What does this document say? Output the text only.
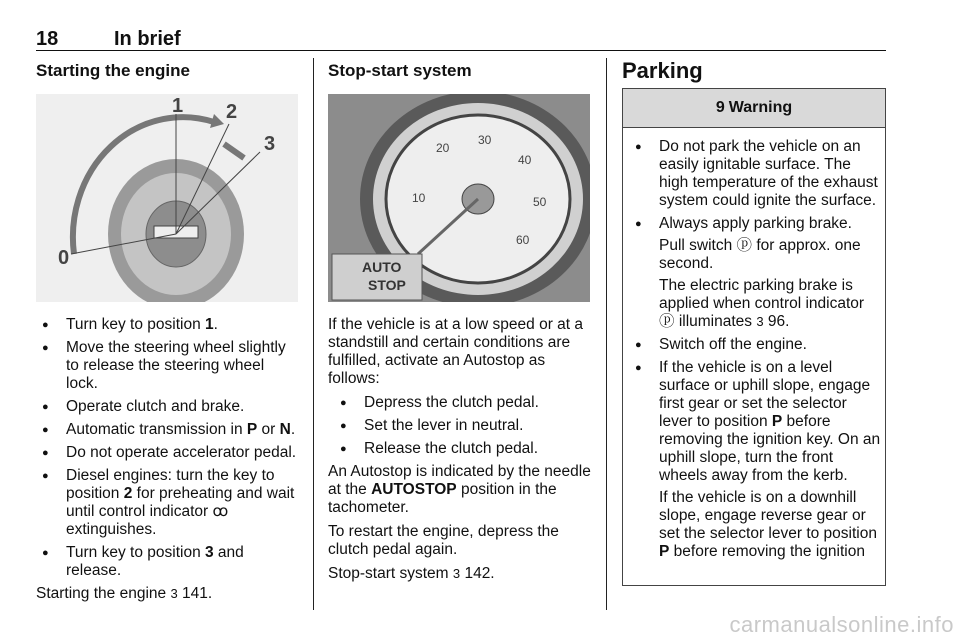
18	In brief
Starting the engine
1 2
3
0
● Turn key to position 1.
● Move the steering wheel slightly to release the steering wheel lock.
● Operate clutch and brake.
● Automatic transmission in P or N.
● Do not operate accelerator pedal.
● Diesel engines: turn the key to position 2 for preheating and wait until control indicator ꝏ extinguishes.
● Turn key to position 3 and release.
Starting the engine 3 141.
Stop-start system
10
20
30
40
50
60
AUTO
STOP
If the vehicle is at a low speed or at a standstill and certain conditions are fulfilled, activate an Autostop as follows:
● Depress the clutch pedal.
● Set the lever in neutral.
● Release the clutch pedal.
An Autostop is indicated by the needle at the AUTOSTOP position in the tachometer.
To restart the engine, depress the clutch pedal again.
Stop-start system 3 142.
Parking
9 Warning
● Do not park the vehicle on an easily ignitable surface. The high temperature of the exhaust system could ignite the surface.
● Always apply parking brake.
Pull switch ⓟ for approx. one second.
The electric parking brake is applied when control indicator ⓟ illuminates 3 96.
● Switch off the engine.
● If the vehicle is on a level surface or uphill slope, engage first gear or set the selector lever to position P before removing the ignition key. On an uphill slope, turn the front wheels away from the kerb.
If the vehicle is on a downhill slope, engage reverse gear or set the selector lever to position P before removing the ignition
carmanualsonline.info
